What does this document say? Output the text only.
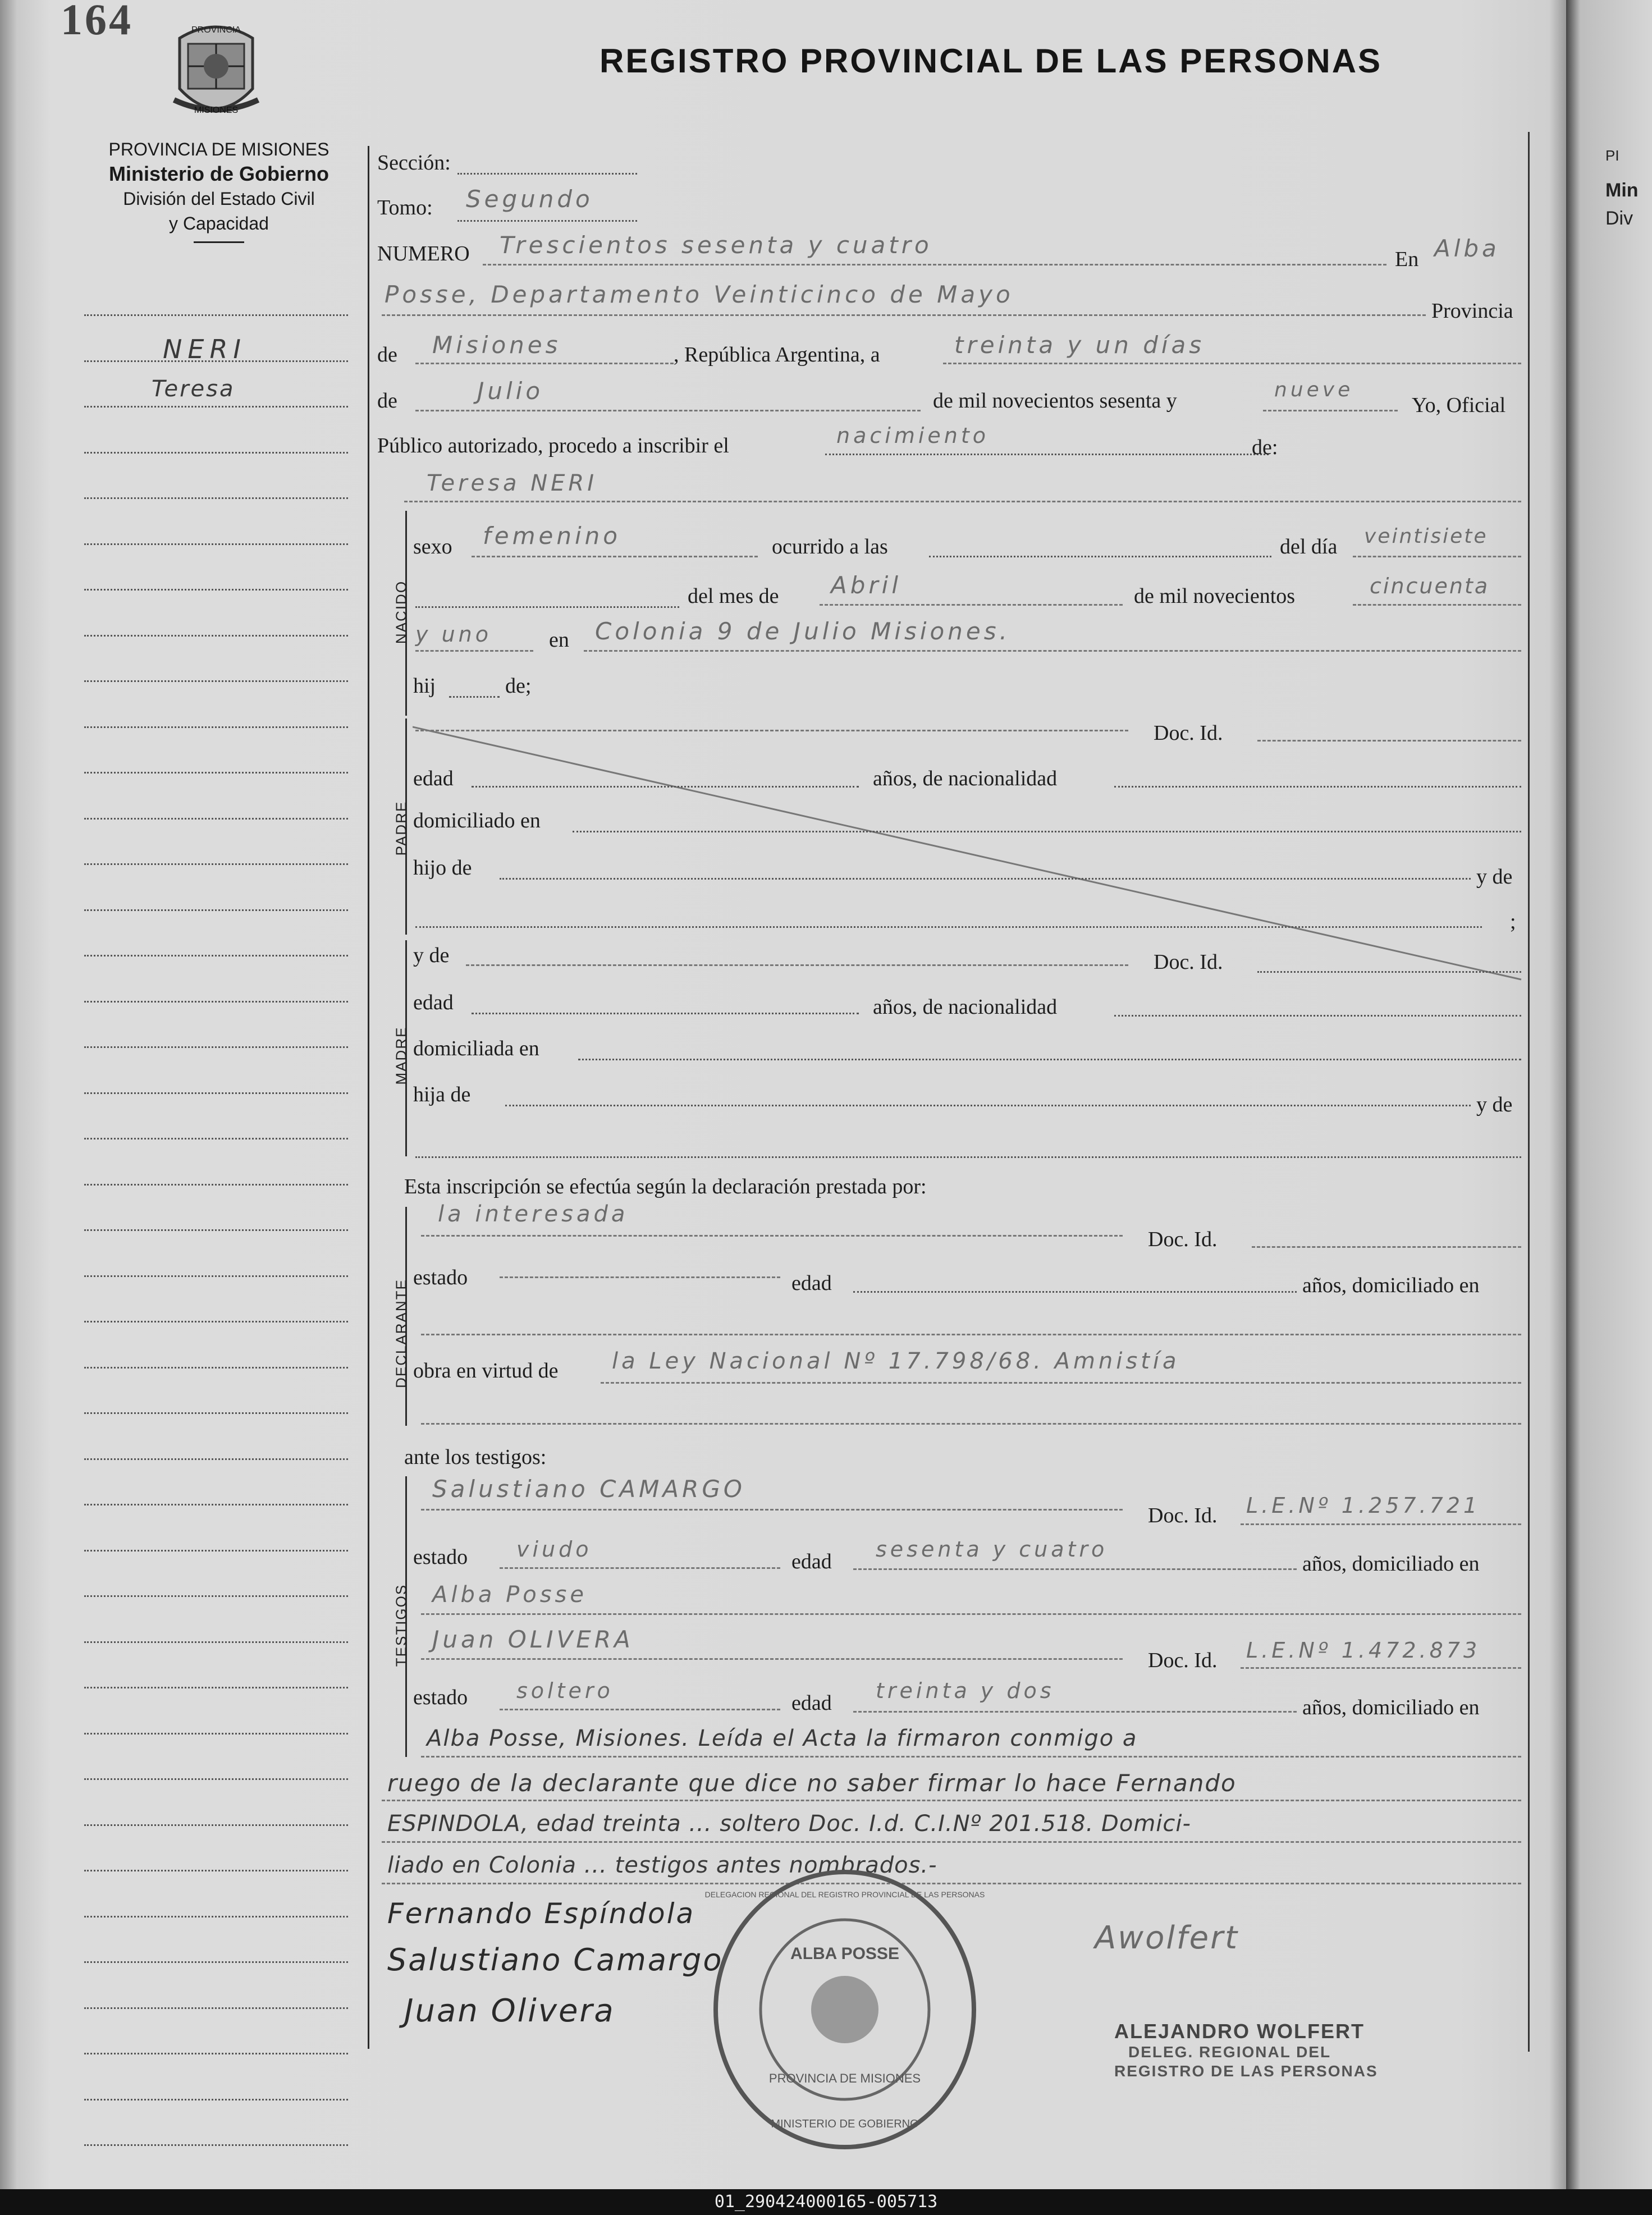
164	PROVINCIA
MISIONES
REGISTRO PROVINCIAL DE LAS PERSONAS
PROVINCIA DE MISIONES
Ministerio de Gobierno
División del Estado Civil
y Capacidad
NERI
Teresa
Sección:
Tomo: Segundo
NUMERO Trescientos sesenta y cuatro
En Alba
Posse, Departamento Veinticinco de Mayo
Provincia
de Misiones	, República Argentina, a	treinta y un días
de	Julio	de mil novecientos sesenta y	nueve
Yo, Oficial
Público autorizado, procedo a inscribir el	nacimiento	de:
Teresa NERI
NACIDO
sexo femenino	ocurrido a las	del día veintisiete
del mes de Abril	de mil novecientos	cincuenta
y uno	en Colonia 9 de Julio Misiones.
hij	de;
PADRE
Doc. Id.
edad	años, de nacionalidad
domiciliado en
hijo de	y de
;
MADRE
y de	Doc. Id.
edad	años, de nacionalidad
domiciliada en
hija de	y de
Esta inscripción se efectúa según la declaración prestada por:
DECLARANTE
la interesada
Doc. Id.
estado	edad	años, domiciliado en
obra en virtud de la Ley Nacional Nº 17.798/68. Amnistía
ante los testigos:
TESTIGOS
Salustiano CAMARGO
Doc. Id. L.E.Nº 1.257.721
estado viudo	edad sesenta y cuatro
años, domiciliado en
Alba Posse
Juan OLIVERA
Doc. Id. L.E.Nº 1.472.873
estado soltero	edad treinta y dos
años, domiciliado en
Alba Posse, Misiones. Leída el Acta la firmaron conmigo a
ruego de la declarante que dice no saber firmar lo hace Fernando
ESPINDOLA, edad treinta ... soltero Doc. I.d. C.I.Nº 201.518. Domici-
liado en Colonia ... testigos antes nombrados.-
Fernando Espíndola
Salustiano Camargo
Juan Olivera
Awolfert
ALBA POSSE
PROVINCIA DE MISIONES
MINISTERIO DE GOBIERNO
DELEGACION REGIONAL DEL REGISTRO PROVINCIAL DE LAS PERSONAS
ALEJANDRO WOLFERT
DELEG. REGIONAL DEL
REGISTRO DE LAS PERSONAS
PI
Min
Div
01_290424000165-005713
